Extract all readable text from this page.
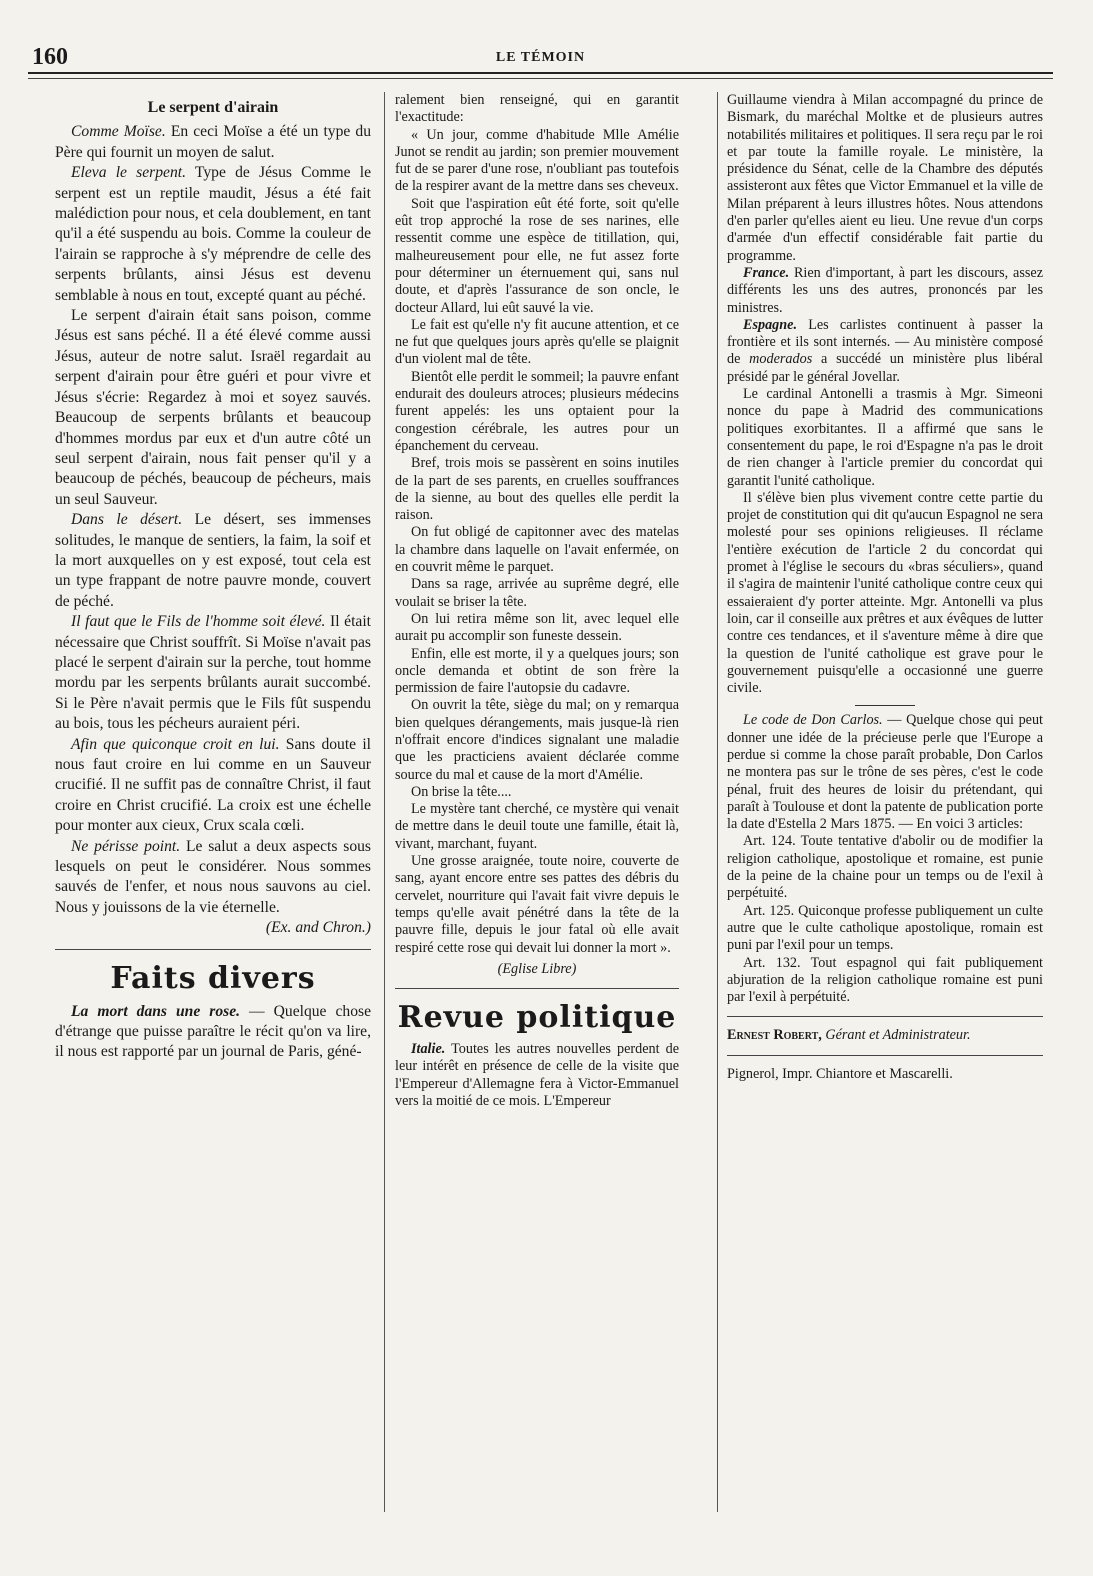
160	LE TÉMOIN
Le serpent d'airain

Comme Moïse. En ceci Moïse a été un type du Père qui fournit un moyen de salut.

Eleva le serpent. Type de Jésus Comme le serpent est un reptile maudit, Jésus a été fait malédiction pour nous, et cela doublement, en tant qu'il a été suspendu au bois. Comme la couleur de l'airain se rapproche à s'y méprendre de celle des serpents brûlants, ainsi Jésus est devenu semblable à nous en tout, excepté quant au péché.

Le serpent d'airain était sans poison, comme Jésus est sans péché. Il a été élevé comme aussi Jésus, auteur de notre salut. Israël regardait au serpent d'airain pour être guéri et pour vivre et Jésus s'écrie: Regardez à moi et soyez sauvés. Beaucoup de serpents brûlants et beaucoup d'hommes mordus par eux et d'un autre côté un seul serpent d'airain, nous fait penser qu'il y a beaucoup de péchés, beaucoup de pécheurs, mais un seul Sauveur.

Dans le désert. Le désert, ses immenses solitudes, le manque de sentiers, la faim, la soif et la mort auxquelles on y est exposé, tout cela est un type frappant de notre pauvre monde, couvert de péché.

Il faut que le Fils de l'homme soit élevé. Il était nécessaire que Christ souffrît. Si Moïse n'avait pas placé le serpent d'airain sur la perche, tout homme mordu par les serpents brûlants aurait succombé. Si le Père n'avait permis que le Fils fût suspendu au bois, tous les pécheurs auraient péri.

Afin que quiconque croit en lui. Sans doute il nous faut croire en lui comme en un Sauveur crucifié. Il ne suffit pas de connaître Christ, il faut croire en Christ crucifié. La croix est une échelle pour monter aux cieux, Crux scala cœli.

Ne périsse point. Le salut a deux aspects sous lesquels on peut le considérer. Nous sommes sauvés de l'enfer, et nous nous sauvons au ciel. Nous y jouissons de la vie éternelle.

(Ex. and Chron.)

Faits divers

La mort dans une rose. — Quelque chose d'étrange que puisse paraître le récit qu'on va lire, il nous est rapporté par un journal de Paris, géné-

ralement bien renseigné, qui en garantit l'exactitude:

« Un jour, comme d'habitude Mlle Amélie Junot se rendit au jardin; son premier mouvement fut de se parer d'une rose, n'oubliant pas toutefois de la respirer avant de la mettre dans ses cheveux.

Soit que l'aspiration eût été forte, soit qu'elle eût trop approché la rose de ses narines, elle ressentit comme une espèce de titillation, qui, malheureusement pour elle, ne fut assez forte pour déterminer un éternuement qui, sans nul doute, et d'après l'assurance de son oncle, le docteur Allard, lui eût sauvé la vie.

Le fait est qu'elle n'y fit aucune attention, et ce ne fut que quelques jours après qu'elle se plaignit d'un violent mal de tête.

Bientôt elle perdit le sommeil; la pauvre enfant endurait des douleurs atroces; plusieurs médecins furent appelés: les uns optaient pour la congestion cérébrale, les autres pour un épanchement du cerveau.

Bref, trois mois se passèrent en soins inutiles de la part de ses parents, en cruelles souffrances de la sienne, au bout des quelles elle perdit la raison.

On fut obligé de capitonner avec des matelas la chambre dans laquelle on l'avait enfermée, on en couvrit même le parquet.

Dans sa rage, arrivée au suprême degré, elle voulait se briser la tête.

On lui retira même son lit, avec lequel elle aurait pu accomplir son funeste dessein.

Enfin, elle est morte, il y a quelques jours; son oncle demanda et obtint de son frère la permission de faire l'autopsie du cadavre.

On ouvrit la tête, siège du mal; on y remarqua bien quelques dérangements, mais jusque-là rien n'offrait encore d'indices signalant une maladie que les practiciens avaient déclarée comme source du mal et cause de la mort d'Amélie.

On brise la tête....

Le mystère tant cherché, ce mystère qui venait de mettre dans le deuil toute une famille, était là, vivant, marchant, fuyant.

Une grosse araignée, toute noire, couverte de sang, ayant encore entre ses pattes des débris du cervelet, nourriture qui l'avait fait vivre depuis le temps qu'elle avait pénétré dans la tête de la pauvre fille, depuis le jour fatal où elle avait respiré cette rose qui devait lui donner la mort ».

(Eglise Libre)

Revue politique

Italie. Toutes les autres nouvelles perdent de leur intérêt en présence de celle de la visite que l'Empereur d'Allemagne fera à Victor-Emmanuel vers la moitié de ce mois. L'Empereur

Guillaume viendra à Milan accompagné du prince de Bismark, du maréchal Moltke et de plusieurs autres notabilités militaires et politiques. Il sera reçu par le roi et par toute la famille royale. Le ministère, la présidence du Sénat, celle de la Chambre des députés assisteront aux fêtes que Victor Emmanuel et la ville de Milan préparent à leurs illustres hôtes. Nous attendons d'en parler qu'elles aient eu lieu. Une revue d'un corps d'armée d'un effectif considérable fait partie du programme.

France. Rien d'important, à part les discours, assez différents les uns des autres, prononcés par les ministres.

Espagne. Les carlistes continuent à passer la frontière et ils sont internés. — Au ministère composé de moderados a succédé un ministère plus libéral présidé par le général Jovellar.

Le cardinal Antonelli a trasmis à Mgr. Simeoni nonce du pape à Madrid des communications politiques exorbitantes. Il a affirmé que sans le consentement du pape, le roi d'Espagne n'a pas le droit de rien changer à l'article premier du concordat qui garantit l'unité catholique.

Il s'élève bien plus vivement contre cette partie du projet de constitution qui dit qu'aucun Espagnol ne sera molesté pour ses opinions religieuses. Il réclame l'entière exécution de l'article 2 du concordat qui promet à l'église le secours du «bras séculiers», quand il s'agira de maintenir l'unité catholique contre ceux qui essaieraient d'y porter atteinte. Mgr. Antonelli va plus loin, car il conseille aux prêtres et aux évêques de lutter contre ces tendances, et il s'aventure même à dire que la question de l'unité catholique est grave pour le gouvernement puisqu'elle a occasionné une guerre civile.

Le code de Don Carlos. — Quelque chose qui peut donner une idée de la précieuse perle que l'Europe a perdue si comme la chose paraît probable, Don Carlos ne montera pas sur le trône de ses pères, c'est le code pénal, fruit des heures de loisir du prétendant, qui paraît à Toulouse et dont la patente de publication porte la date d'Estella 2 Mars 1875. — En voici 3 articles:

Art. 124. Toute tentative d'abolir ou de modifier la religion catholique, apostolique et romaine, est punie de la peine de la chaine pour un temps ou de l'exil à perpétuité.

Art. 125. Quiconque professe publiquement un culte autre que le culte catholique apostolique, romain est puni par l'exil pour un temps.

Art. 132. Tout espagnol qui fait publiquement abjuration de la religion catholique romaine est puni par l'exil à perpétuité.

Ernest Robert, Gérant et Administrateur.

Pignerol, Impr. Chiantore et Mascarelli.
